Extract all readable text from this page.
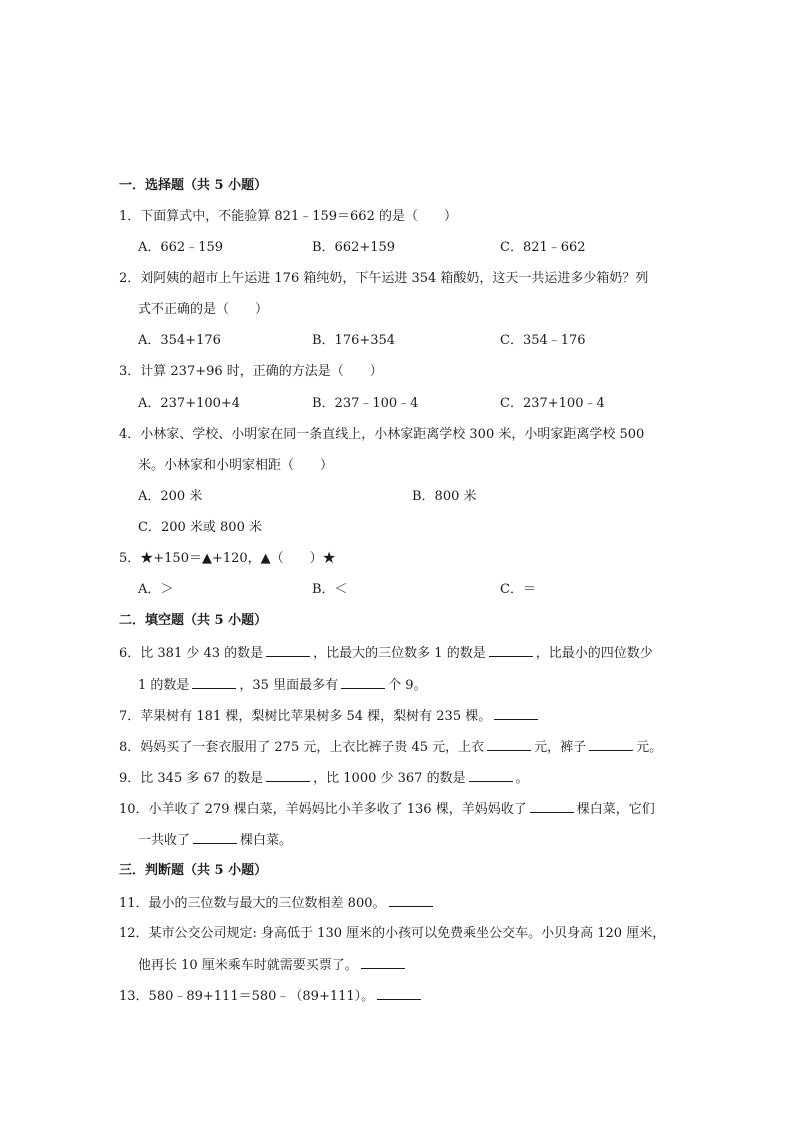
一．选择题（共 5 小题）
1．下面算式中，不能验算 821﹣159＝662 的是（　　）
A．662﹣159	B．662+159	C．821﹣662
2．刘阿姨的超市上午运进 176 箱纯奶，下午运进 354 箱酸奶，这天一共运进多少箱奶？列
式不正确的是（　　）
A．354+176	B．176+354	C．354﹣176
3．计算 237+96 时，正确的方法是（　　）
A．237+100+4	B．237﹣100﹣4	C．237+100﹣4
4．小林家、学校、小明家在同一条直线上，小林家距离学校 300 米，小明家距离学校 500
米。小林家和小明家相距（　　）
A．200 米	B．800 米
C．200 米或 800 米
5．★+150＝▲+120，▲（　　）★
A．＞	B．＜	C．＝
二．填空题（共 5 小题）
6．比 381 少 43 的数是	，比最大的三位数多 1 的数是	，比最小的四位数少
1 的数是	，35 里面最多有	个 9。
7．苹果树有 181 棵，梨树比苹果树多 54 棵，梨树有 235 棵。
8．妈妈买了一套衣服用了 275 元，上衣比裤子贵 45 元，上衣	元，裤子	元。
9．比 345 多 67 的数是	，比 1000 少 367 的数是	。
10．小羊收了 279 棵白菜，羊妈妈比小羊多收了 136 棵，羊妈妈收了	棵白菜，它们
一共收了	棵白菜。
三．判断题（共 5 小题）
11．最小的三位数与最大的三位数相差 800。
12．某市公交公司规定: 身高低于 130 厘米的小孩可以免费乘坐公交车。小贝身高 120 厘米，
他再长 10 厘米乘车时就需要买票了。
13．580﹣89+111＝580﹣（89+111）。
